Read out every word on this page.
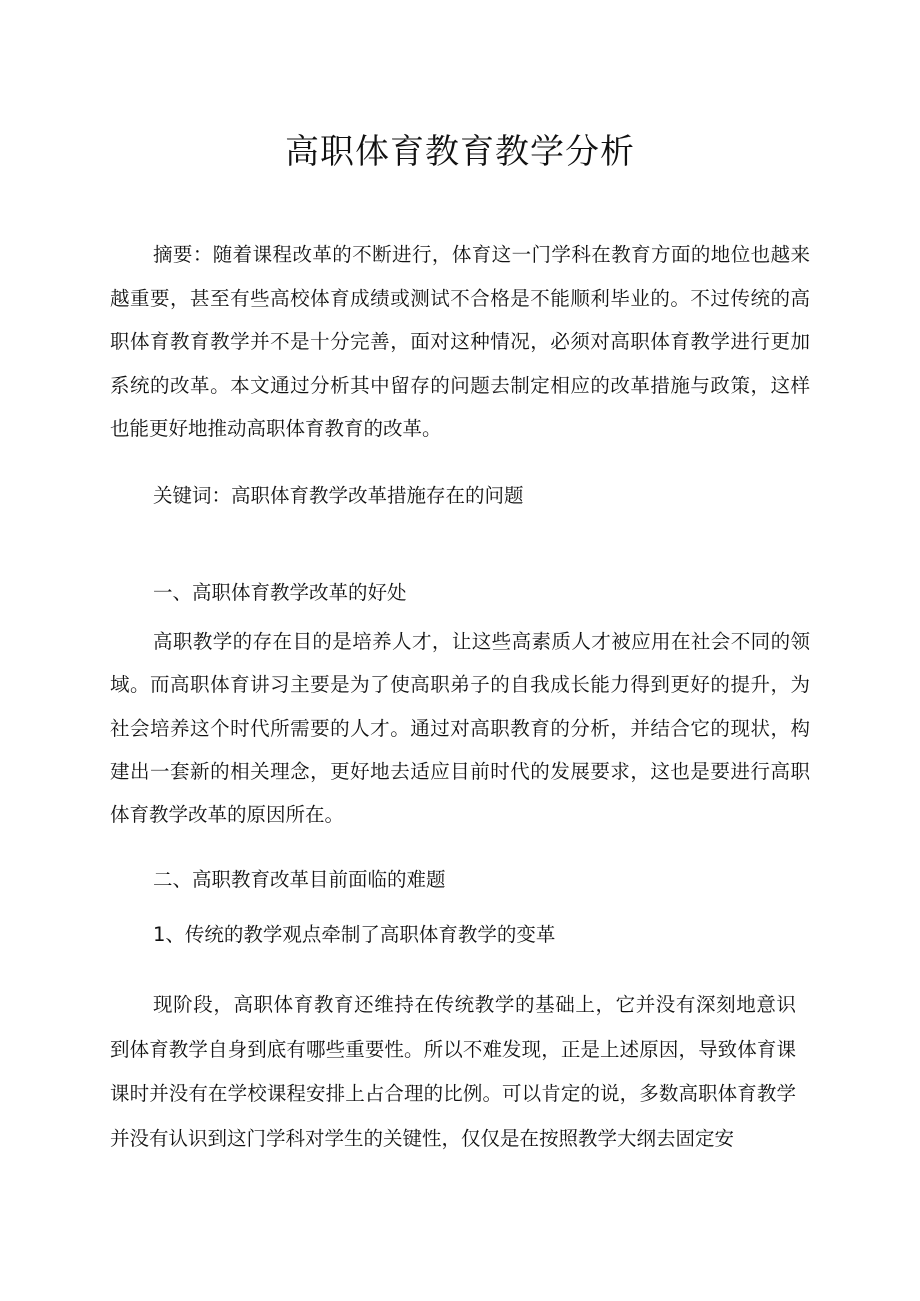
高职体育教育教学分析

摘要：随着课程改革的不断进行，体育这一门学科在教育方面的地位也越来越重要，甚至有些高校体育成绩或测试不合格是不能顺利毕业的。不过传统的高职体育教育教学并不是十分完善，面对这种情况，必须对高职体育教学进行更加系统的改革。本文通过分析其中留存的问题去制定相应的改革措施与政策，这样也能更好地推动高职体育教育的改革。

关键词：高职体育教学改革措施存在的问题

一、高职体育教学改革的好处

高职教学的存在目的是培养人才，让这些高素质人才被应用在社会不同的领域。而高职体育讲习主要是为了使高职弟子的自我成长能力得到更好的提升，为社会培养这个时代所需要的人才。通过对高职教育的分析，并结合它的现状，构建出一套新的相关理念，更好地去适应目前时代的发展要求，这也是要进行高职体育教学改革的原因所在。

二、高职教育改革目前面临的难题
1、传统的教学观点牵制了高职体育教学的变革

现阶段，高职体育教育还维持在传统教学的基础上，它并没有深刻地意识到体育教学自身到底有哪些重要性。所以不难发现，正是上述原因，导致体育课课时并没有在学校课程安排上占合理的比例。可以肯定的说，多数高职体育教学并没有认识到这门学科对学生的关键性，仅仅是在按照教学大纲去固定安
